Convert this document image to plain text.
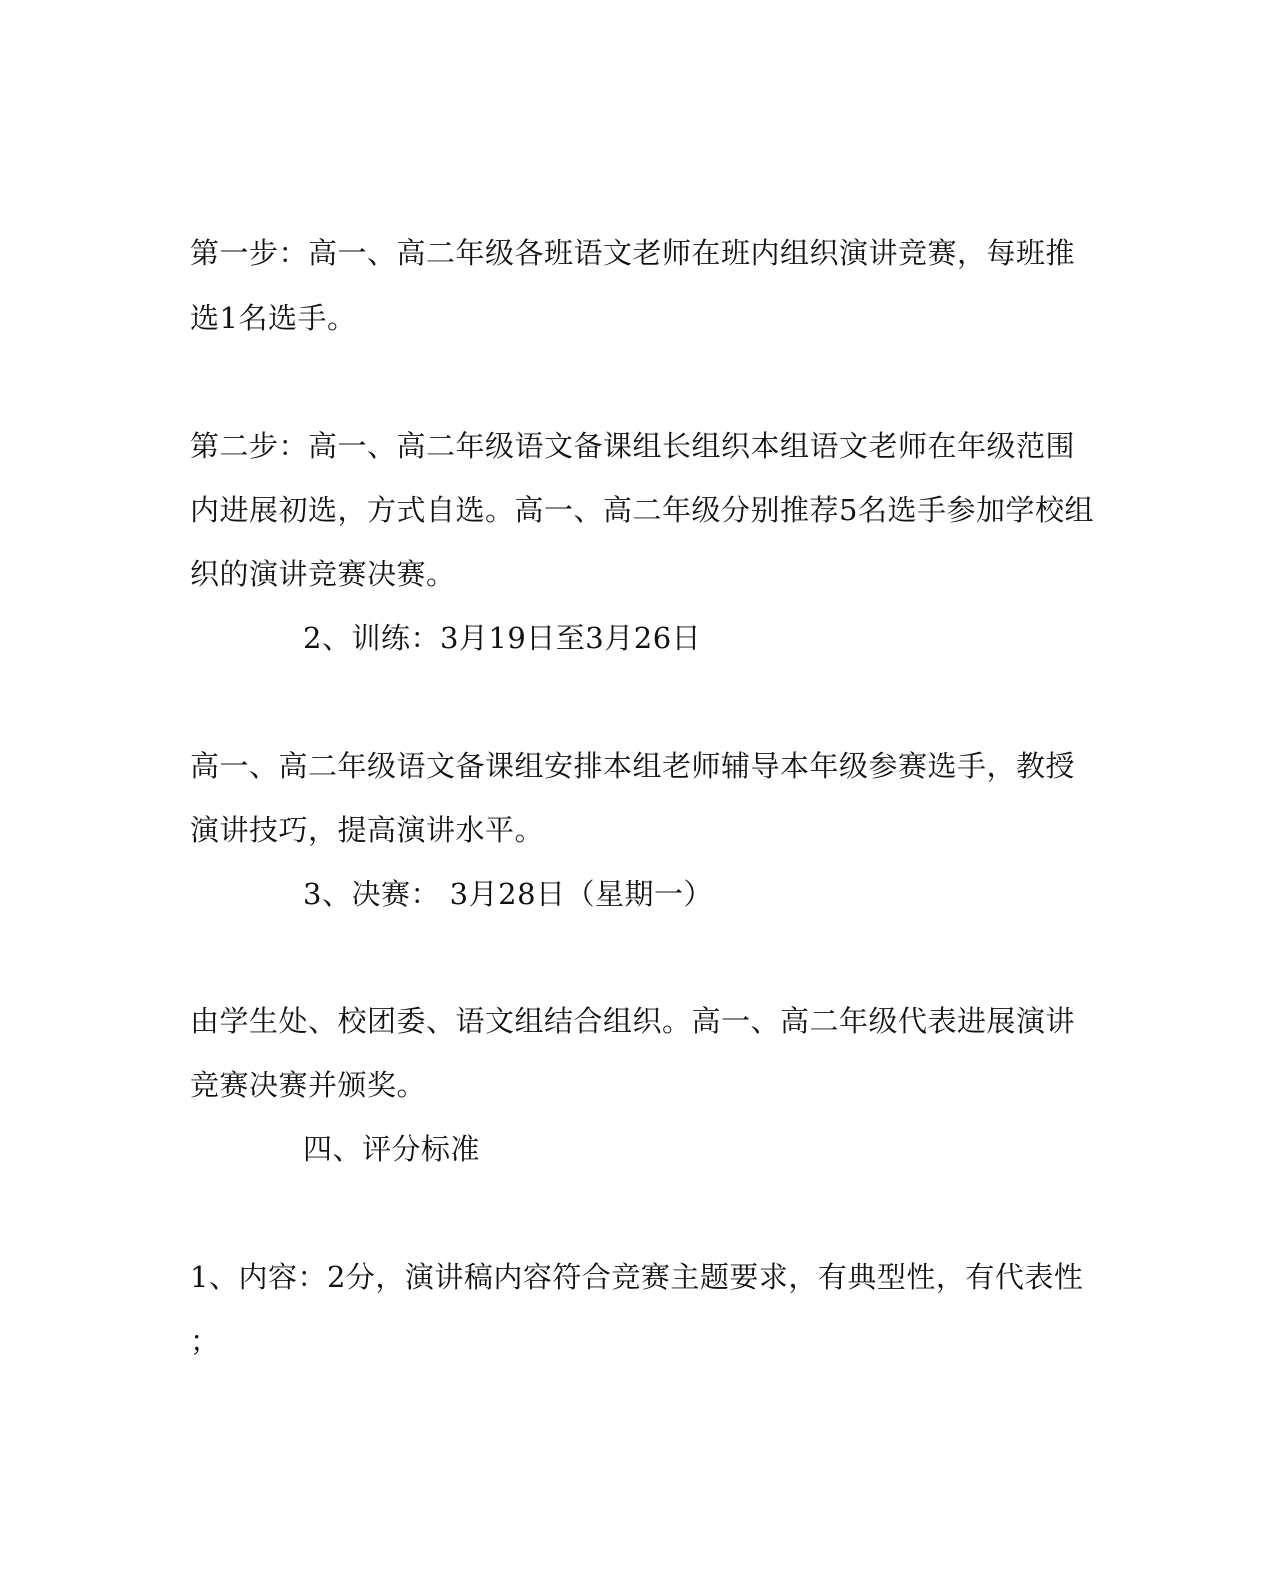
第一步：高一、高二年级各班语文老师在班内组织演讲竞赛，每班推
选1名选手。
第二步：高一、高二年级语文备课组长组织本组语文老师在年级范围
内进展初选，方式自选。高一、高二年级分别推荐5名选手参加学校组
织的演讲竞赛决赛。
2、训练：3月19日至3月26日
高一、高二年级语文备课组安排本组老师辅导本年级参赛选手，教授
演讲技巧，提高演讲水平。
3、决赛： 3月28日（星期一）
由学生处、校团委、语文组结合组织。高一、高二年级代表进展演讲
竞赛决赛并颁奖。
四、评分标准
1、内容：2分，演讲稿内容符合竞赛主题要求，有典型性，有代表性
；
